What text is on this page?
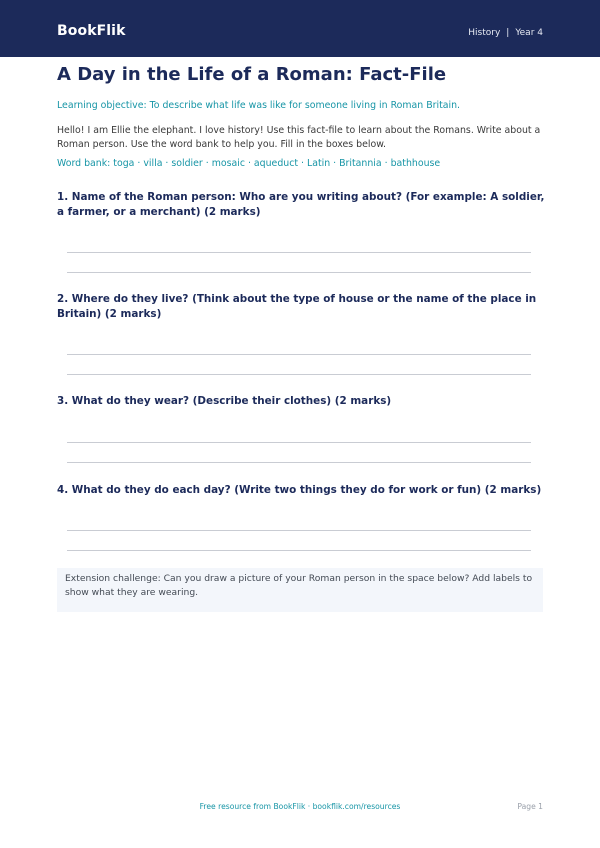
BookFlik	History | Year 4
A Day in the Life of a Roman: Fact-File
Learning objective: To describe what life was like for someone living in Roman Britain.
Hello! I am Ellie the elephant. I love history! Use this fact-file to learn about the Romans. Write about a Roman person. Use the word bank to help you. Fill in the boxes below.
Word bank: toga · villa · soldier · mosaic · aqueduct · Latin · Britannia · bathhouse
1. Name of the Roman person: Who are you writing about? (For example: A soldier, a farmer, or a merchant) (2 marks)
2. Where do they live? (Think about the type of house or the name of the place in Britain) (2 marks)
3. What do they wear? (Describe their clothes) (2 marks)
4. What do they do each day? (Write two things they do for work or fun) (2 marks)
Extension challenge: Can you draw a picture of your Roman person in the space below? Add labels to show what they are wearing.
Free resource from BookFlik · bookflik.com/resources	Page 1
